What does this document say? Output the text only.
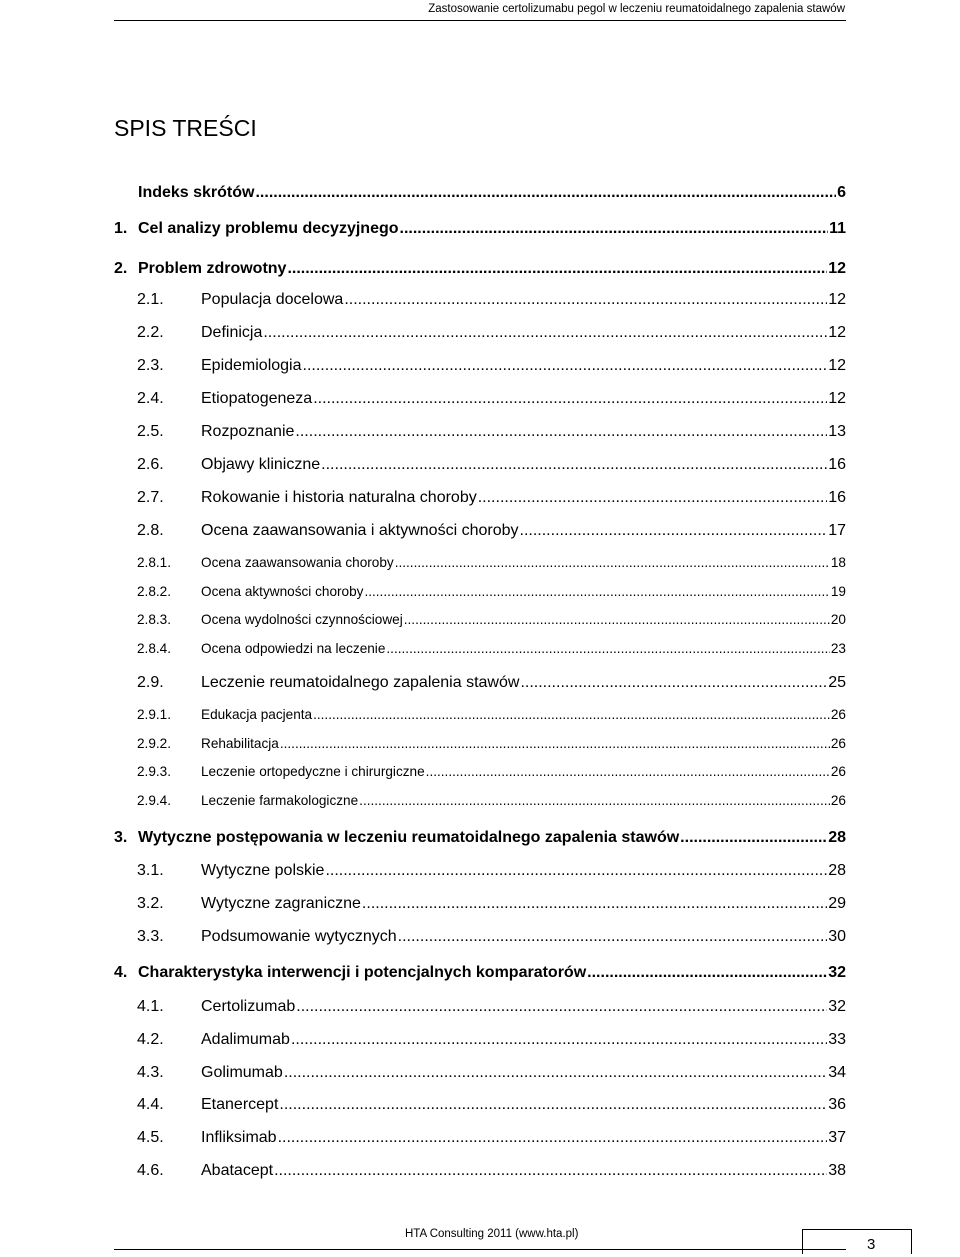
Zastosowanie certolizumabu pegol w leczeniu reumatoidalnego zapalenia stawów
SPIS TREŚCI
Indeks skrótów .....	6
1. Cel analizy problemu decyzyjnego .....	11
2. Problem zdrowotny .....	12
2.1.	Populacja docelowa .....	12
2.2.	Definicja .....	12
2.3.	Epidemiologia .....	12
2.4.	Etiopatogeneza .....	12
2.5.	Rozpoznanie .....	13
2.6.	Objawy kliniczne .....	16
2.7.	Rokowanie i historia naturalna choroby .....	16
2.8.	Ocena zaawansowania i aktywności choroby .....	17
2.8.1.	Ocena zaawansowania choroby .....	18
2.8.2.	Ocena aktywności choroby .....	19
2.8.3.	Ocena wydolności czynnościowej .....	20
2.8.4.	Ocena odpowiedzi na leczenie .....	23
2.9.	Leczenie reumatoidalnego zapalenia stawów .....	25
2.9.1.	Edukacja pacjenta .....	26
2.9.2.	Rehabilitacja .....	26
2.9.3.	Leczenie ortopedyczne i chirurgiczne .....	26
2.9.4.	Leczenie farmakologiczne .....	26
3. Wytyczne postępowania w leczeniu reumatoidalnego zapalenia stawów .....	28
3.1.	Wytyczne polskie .....	28
3.2.	Wytyczne zagraniczne .....	29
3.3.	Podsumowanie wytycznych .....	30
4. Charakterystyka interwencji i potencjalnych komparatorów .....	32
4.1.	Certolizumab .....	32
4.2.	Adalimumab .....	33
4.3.	Golimumab .....	34
4.4.	Etanercept .....	36
4.5.	Infliksimab .....	37
4.6.	Abatacept .....	38
HTA Consulting 2011 (www.hta.pl)
3
